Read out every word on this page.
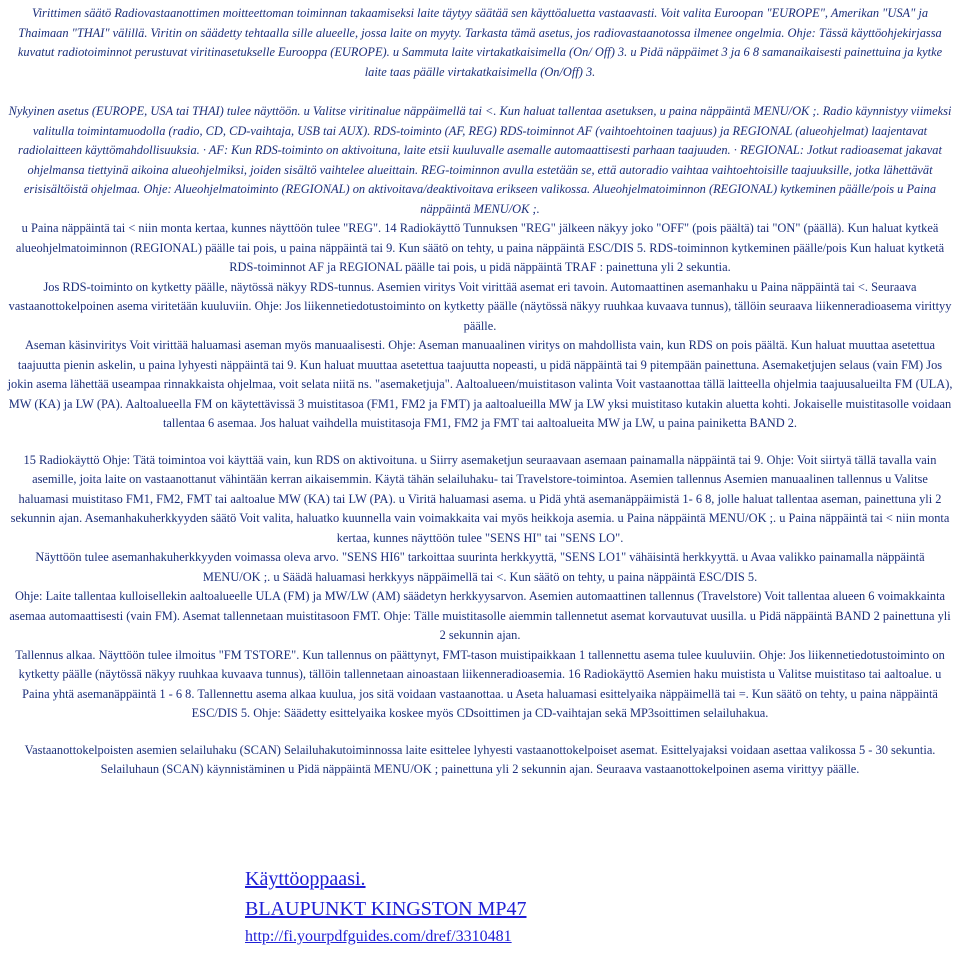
Virittimen säätö Radiovastaanottimen moitteettoman toiminnan takaamiseksi laite täytyy säätää sen käyttöaluetta vastaavasti. Voit valita Euroopan "EUROPE", Amerikan "USA" ja Thaimaan "THAI" välillä. Viritin on säädetty tehtaalla sille alueelle, jossa laite on myyty. Tarkasta tämä asetus, jos radiovastaanotossa ilmenee ongelmia. Ohje: Tässä käyttöohjekirjassa kuvatut radiotoiminnot perustuvat viritinasetukselle Eurooppa (EUROPE). u Sammuta laite virtakatkaisimella (On/ Off) 3. u Pidä näppäimet 3 ja 6 8 samanaikaisesti painettuina ja kytke laite taas päälle virtakatkaisimella (On/Off) 3.

Nykyinen asetus (EUROPE, USA tai THAI) tulee näyttöön. u Valitse viritinalue näppäimellä tai <. Kun haluat tallentaa asetuksen, u paina näppäintä MENU/OK ;. Radio käynnistyy viimeksi valitulla toimintamuodolla (radio, CD, CD-vaihtaja, USB tai AUX). RDS-toiminto (AF, REG) RDS-toiminnot AF (vaihtoehtoinen taajuus) ja REGIONAL (alueohjelmat) laajentavat radiolaitteen käyttömahdollisuuksia. · AF: Kun RDS-toiminto on aktivoituna, laite etsii kuuluvalle asemalle automaattisesti parhaan taajuuden. · REGIONAL: Jotkut radioasemat jakavat ohjelmansa tiettyinä aikoina alueohjelmiksi, joiden sisältö vaihtelee alueittain. REG-toiminnon avulla estetään se, että autoradio vaihtaa vaihtoehtoisille taajuuksille, jotka lähettävät erisisältöistä ohjelmaa. Ohje: Alueohjelmatoiminto (REGIONAL) on aktivoitava/deaktivoitava erikseen valikossa. Alueohjelmatoiminnon (REGIONAL) kytkeminen päälle/pois u Paina näppäintä MENU/OK ;.

u Paina näppäintä tai < niin monta kertaa, kunnes näyttöön tulee "REG". 14 Radiokäyttö Tunnuksen "REG" jälkeen näkyy joko "OFF" (pois päältä) tai "ON" (päällä). Kun haluat kytkeä alueohjelmatoiminnon (REGIONAL) päälle tai pois, u paina näppäintä tai 9. Kun säätö on tehty, u paina näppäintä ESC/DIS 5. RDS-toiminnon kytkeminen päälle/pois Kun haluat kytketä RDS-toiminnot AF ja REGIONAL päälle tai pois, u pidä näppäintä TRAF : painettuna yli 2 sekuntia.

Jos RDS-toiminto on kytketty päälle, näytössä näkyy RDS-tunnus. Asemien viritys Voit virittää asemat eri tavoin. Automaattinen asemanhaku u Paina näppäintä tai <. Seuraava vastaanottokelpoinen asema viritetään kuuluviin. Ohje: Jos liikennetiedotustoiminto on kytketty päälle (näytössä näkyy ruuhkaa kuvaava tunnus), tällöin seuraava liikenneradioasema virittyy päälle.

Aseman käsinviritys Voit virittää haluamasi aseman myös manuaalisesti. Ohje: Aseman manuaalinen viritys on mahdollista vain, kun RDS on pois päältä. Kun haluat muuttaa asetettua taajuutta pienin askelin, u paina lyhyesti näppäintä tai 9. Kun haluat muuttaa asetettua taajuutta nopeasti, u pidä näppäintä tai 9 pitempään painettuna. Asemaketjujen selaus (vain FM) Jos jokin asema lähettää useampaa rinnakkaista ohjelmaa, voit selata niitä ns. "asemaketjuja". Aaltoalueen/muistitason valinta Voit vastaanottaa tällä laitteella ohjelmia taajuusalueilta FM (ULA), MW (KA) ja LW (PA). Aaltoalueella FM on käytettävissä 3 muistitasoa (FM1, FM2 ja FMT) ja aaltoalueilla MW ja LW yksi muistitaso kutakin aluetta kohti. Jokaiselle muistitasolle voidaan tallentaa 6 asemaa. Jos haluat vaihdella muistitasoja FM1, FM2 ja FMT tai aaltoalueita MW ja LW, u paina painiketta BAND 2.

15 Radiokäyttö Ohje: Tätä toimintoa voi käyttää vain, kun RDS on aktivoituna. u Siirry asemaketjun seuraavaan asemaan painamalla näppäintä tai 9. Ohje: Voit siirtyä tällä tavalla vain asemille, joita laite on vastaanottanut vähintään kerran aikaisemmin. Käytä tähän selailuhaku- tai Travelstore-toimintoa. Asemien tallennus Asemien manuaalinen tallennus u Valitse haluamasi muistitaso FM1, FM2, FMT tai aaltoalue MW (KA) tai LW (PA). u Viritä haluamasi asema. u Pidä yhtä asemanäppäimistä 1- 6 8, jolle haluat tallentaa aseman, painettuna yli 2 sekunnin ajan. Asemanhakuherkkyyden säätö Voit valita, haluatko kuunnella vain voimakkaita vai myös heikkoja asemia. u Paina näppäintä MENU/OK ;. u Paina näppäintä tai < niin monta kertaa, kunnes näyttöön tulee "SENS HI" tai "SENS LO".

Näyttöön tulee asemanhakuherkkyyden voimassa oleva arvo. "SENS HI6" tarkoittaa suurinta herkkyyttä, "SENS LO1" vähäisintä herkkyyttä. u Avaa valikko painamalla näppäintä MENU/OK ;. u Säädä haluamasi herkkyys näppäimellä tai <. Kun säätö on tehty, u paina näppäintä ESC/DIS 5.

Ohje: Laite tallentaa kulloisellekin aaltoalueelle ULA (FM) ja MW/LW (AM) säädetyn herkkyysarvon. Asemien automaattinen tallennus (Travelstore) Voit tallentaa alueen 6 voimakkainta asemaa automaattisesti (vain FM). Asemat tallennetaan muistitasoon FMT. Ohje: Tälle muistitasolle aiemmin tallennetut asemat korvautuvat uusilla. u Pidä näppäintä BAND 2 painettuna yli 2 sekunnin ajan.

Tallennus alkaa. Näyttöön tulee ilmoitus "FM TSTORE". Kun tallennus on päättynyt, FMT-tason muistipaikkaan 1 tallennettu asema tulee kuuluviin. Ohje: Jos liikennetiedotustoiminto on kytketty päälle (näytössä näkyy ruuhkaa kuvaava tunnus), tällöin tallennetaan ainoastaan liikenneradioasemia. 16 Radiokäyttö Asemien haku muistista u Valitse muistitaso tai aaltoalue. u Paina yhtä asemanäppäintä 1 - 6 8. Tallennettu asema alkaa kuulua, jos sitä voidaan vastaanottaa. u Aseta haluamasi esittelyaika näppäimellä tai =. Kun säätö on tehty, u paina näppäintä ESC/DIS 5. Ohje: Säädetty esittelyaika koskee myös CDsoittimen ja CD-vaihtajan sekä MP3soittimen selailuhakua.

Vastaanottokelpoisten asemien selailuhaku (SCAN) Selailuhakutoiminnossa laite esittelee lyhyesti vastaanottokelpoiset asemat. Esittelyajaksi voidaan asettaa valikossa 5 - 30 sekuntia. Selailuhaun (SCAN) käynnistäminen u Pidä näppäintä MENU/OK ; painettuna yli 2 sekunnin ajan. Seuraava vastaanottokelpoinen asema virittyy päälle.

Käyttöoppaasi.
BLAUPUNKT KINGSTON MP47
http://fi.yourpdfguides.com/dref/3310481
